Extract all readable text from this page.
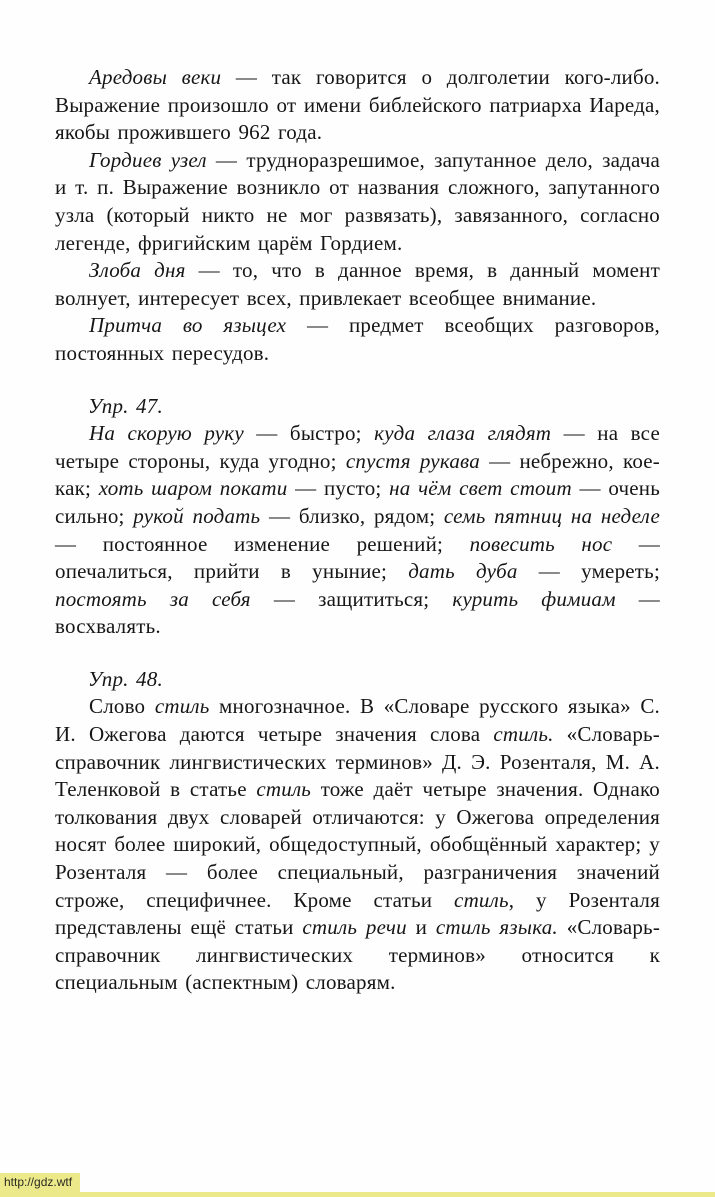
Аредовы веки — так говорится о долголетии кого-либо. Выражение произошло от имени библейского патриарха Иареда, якобы прожившего 962 года.

Гордиев узел — трудноразрешимое, запутанное дело, задача и т. п. Выражение возникло от названия сложного, запутанного узла (который никто не мог развязать), завязанного, согласно легенде, фригийским царём Гордием.

Злоба дня — то, что в данное время, в данный момент волнует, интересует всех, привлекает всеобщее внимание.

Притча во языцех — предмет всеобщих разговоров, постоянных пересудов.

Упр. 47.

На скорую руку — быстро; куда глаза глядят — на все четыре стороны, куда угодно; спустя рукава — небрежно, кое-как; хоть шаром покати — пусто; на чём свет стоит — очень сильно; рукой подать — близко, рядом; семь пятниц на неделе — постоянное изменение решений; повесить нос — опечалиться, прийти в уныние; дать дуба — умереть; постоять за себя — защититься; курить фимиам — восхвалять.

Упр. 48.

Слово стиль многозначное. В «Словаре русского языка» С. И. Ожегова даются четыре значения слова стиль. «Словарь-справочник лингвистических терминов» Д. Э. Розенталя, М. А. Теленковой в статье стиль тоже даёт четыре значения. Однако толкования двух словарей отличаются: у Ожегова определения носят более широкий, общедоступный, обобщённый характер; у Розенталя — более специальный, разграничения значений строже, специфичнее. Кроме статьи стиль, у Розенталя представлены ещё статьи стиль речи и стиль языка. «Словарь-справочник лингвистических терминов» относится к специальным (аспектным) словарям.

http://gdz.wtf
